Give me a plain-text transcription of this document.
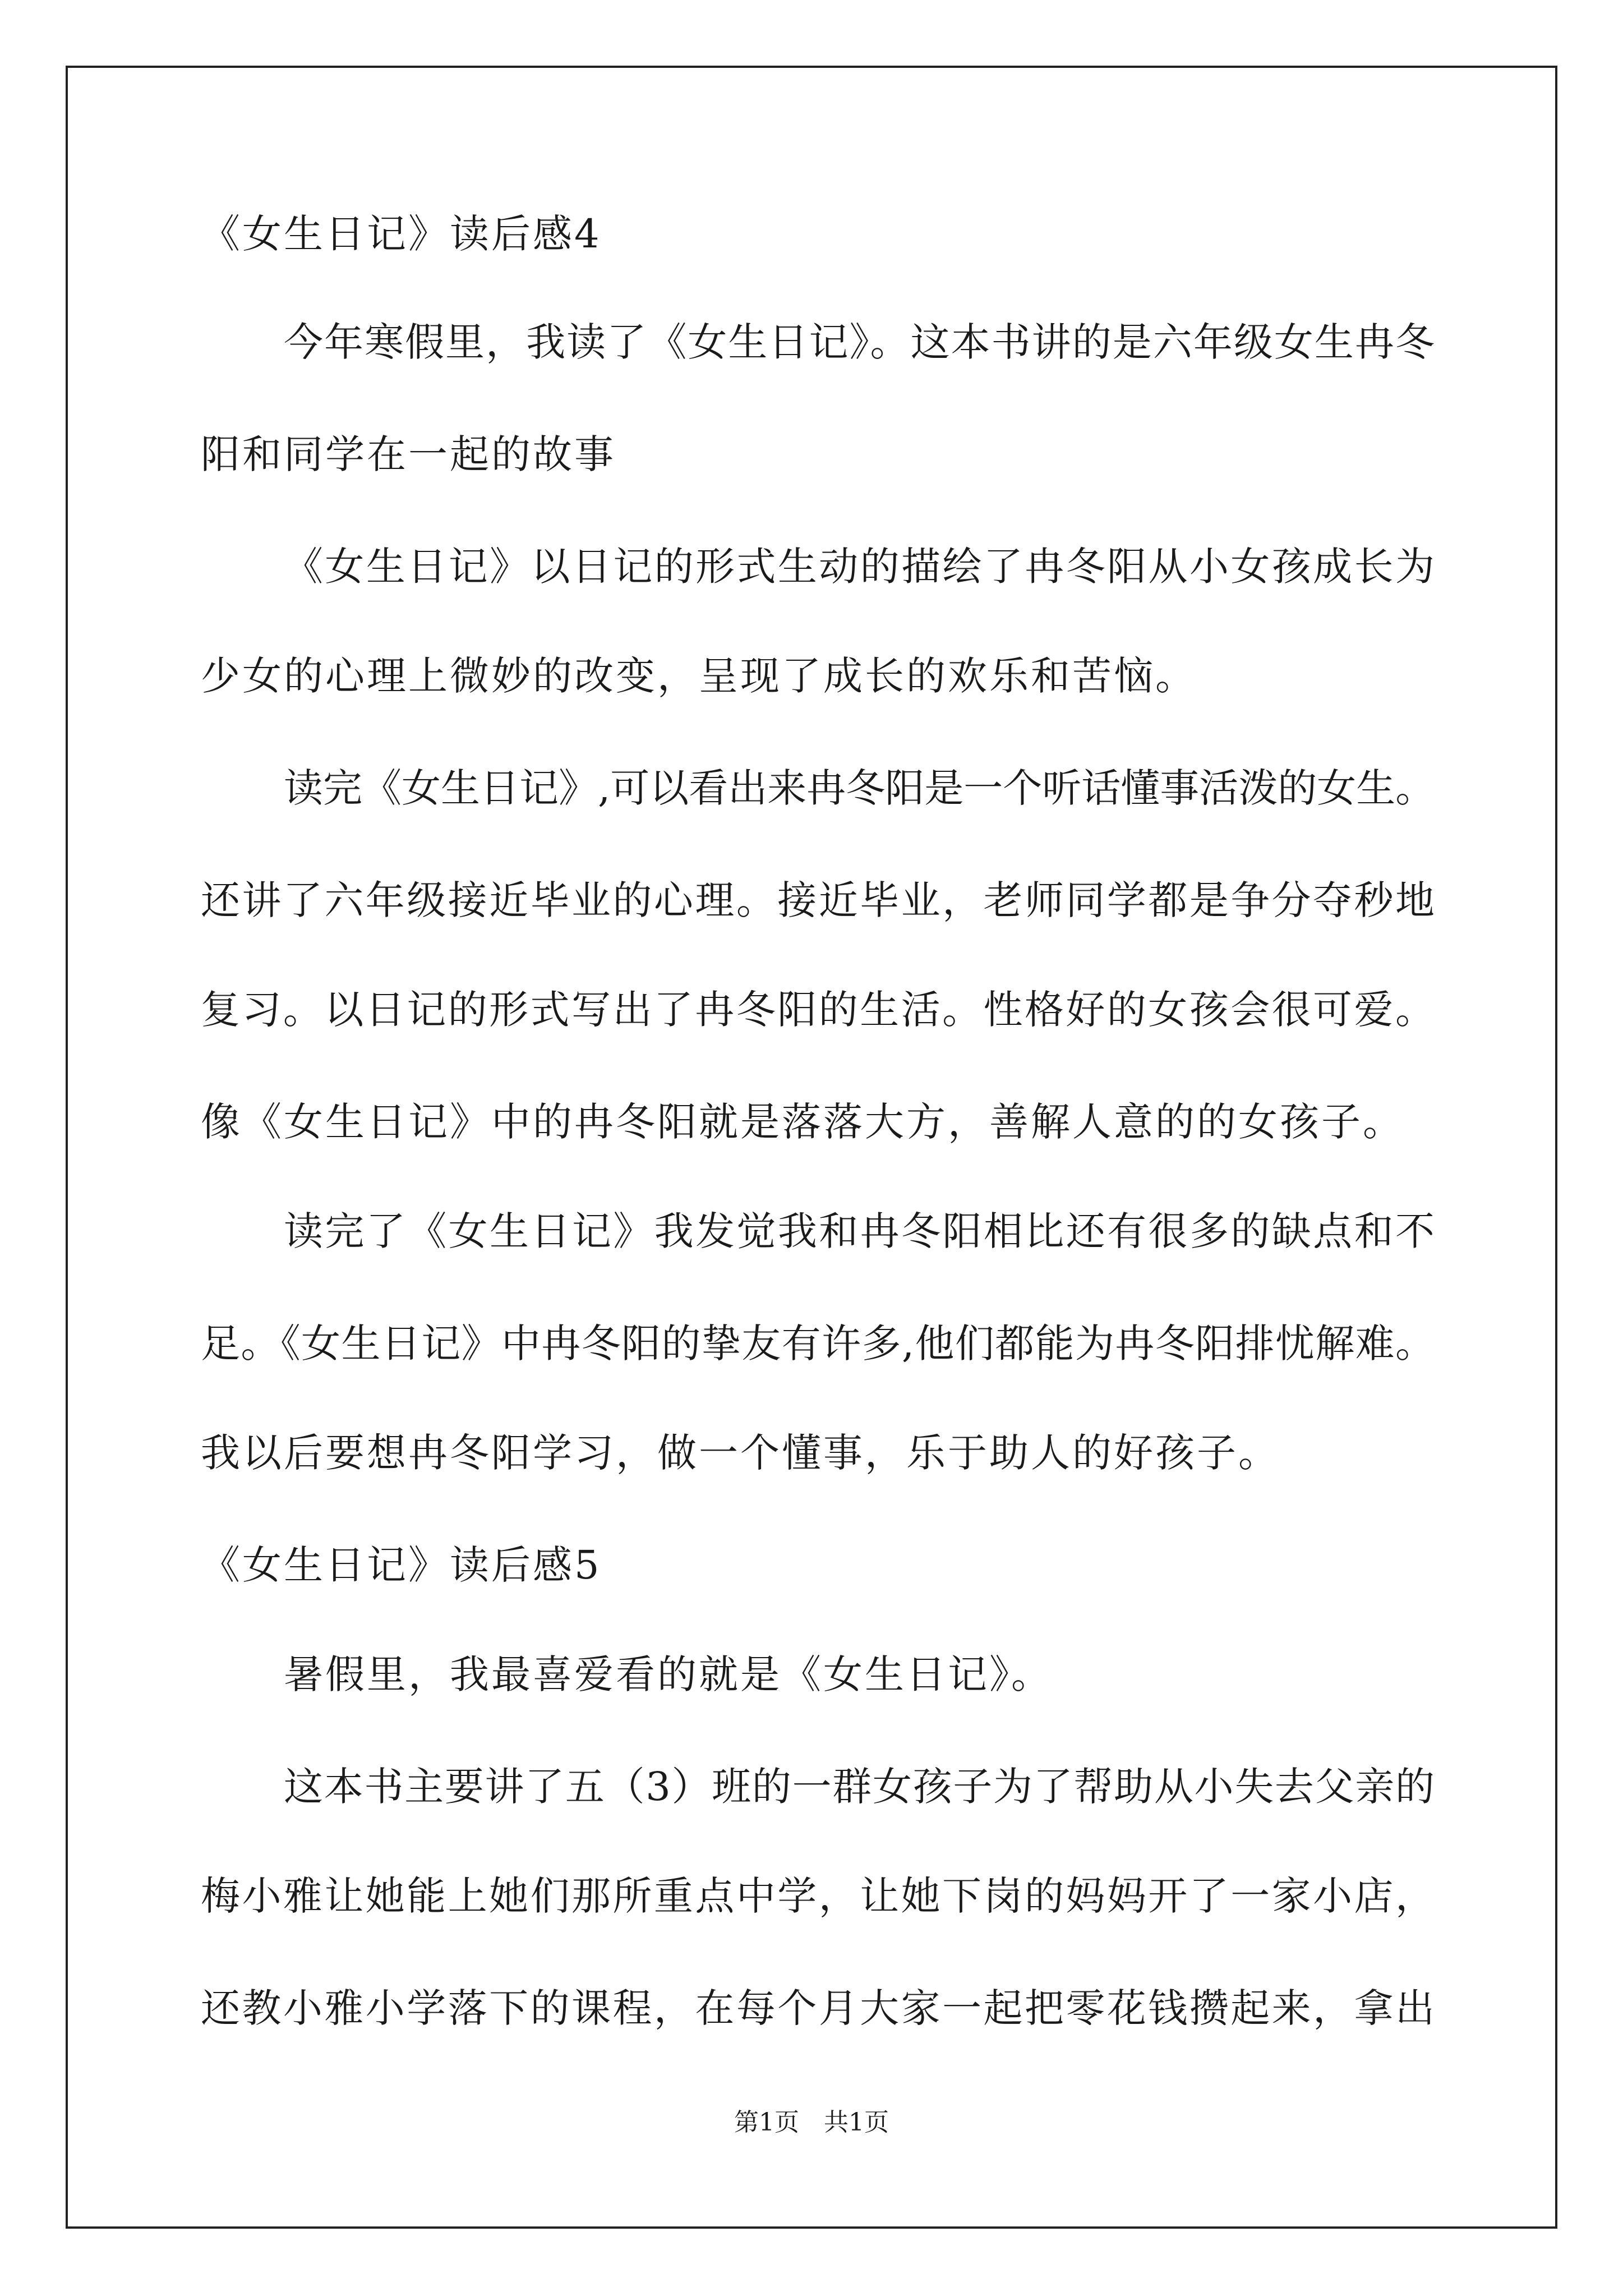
《女生日记》读后感4
今年寒假里，我读了《女生日记》。这本书讲的是六年级女生冉冬
阳和同学在一起的故事
《女生日记》以日记的形式生动的描绘了冉冬阳从小女孩成长为
少女的心理上微妙的改变，呈现了成长的欢乐和苦恼。
读完《女生日记》,可以看出来冉冬阳是一个听话懂事活泼的女生。
还讲了六年级接近毕业的心理。接近毕业，老师同学都是争分夺秒地
复习。以日记的形式写出了冉冬阳的生活。性格好的女孩会很可爱。
像《女生日记》中的冉冬阳就是落落大方，善解人意的的女孩子。
读完了《女生日记》我发觉我和冉冬阳相比还有很多的缺点和不
足。《女生日记》中冉冬阳的挚友有许多,他们都能为冉冬阳排忧解难。
我以后要想冉冬阳学习，做一个懂事，乐于助人的好孩子。
《女生日记》读后感5
暑假里，我最喜爱看的就是《女生日记》。
这本书主要讲了五（3）班的一群女孩子为了帮助从小失去父亲的
梅小雅让她能上她们那所重点中学，让她下岗的妈妈开了一家小店，
还教小雅小学落下的课程，在每个月大家一起把零花钱攒起来，拿出
第1页 共1页
